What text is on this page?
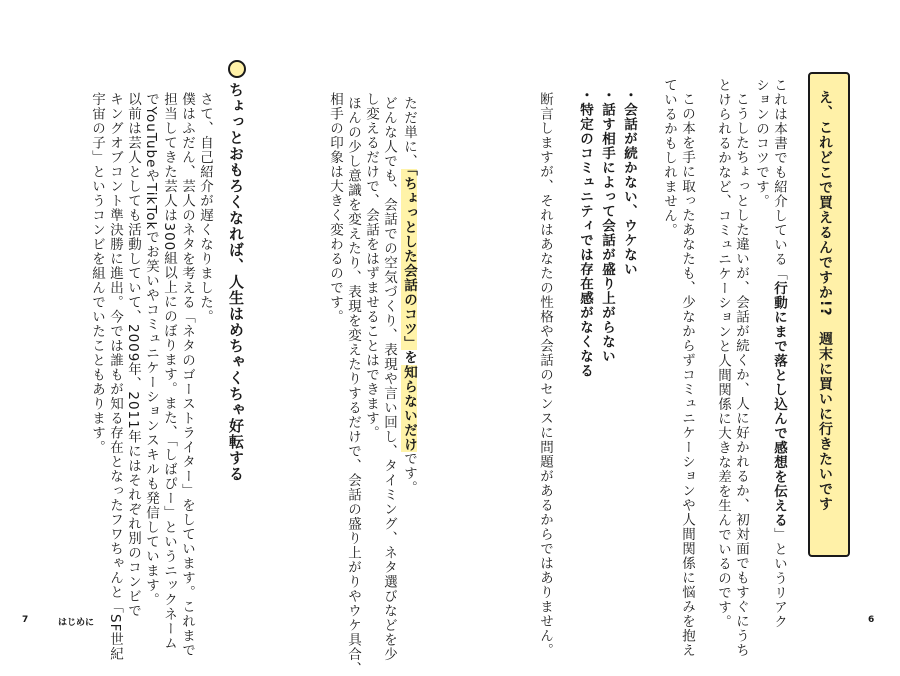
え、これどこで買えるんですか!?　週末に買いに行きたいです
これは本書でも紹介している「行動にまで落とし込んで感想を伝える」というリアク
ションのコツです。
こうしたちょっとした違いが、会話が続くか、人に好かれるか、初対面でもすぐにうち
とけられるかなど、コミュニケーションと人間関係に大きな差を生んでいるのです。
この本を手に取ったあなたも、少なからずコミュニケーションや人間関係に悩みを抱え
ているかもしれません。
・会話が続かない、ウケない
・話す相手によって会話が盛り上がらない
・特定のコミュニティでは存在感がなくなる
断言しますが、それはあなたの性格や会話のセンスに問題があるからではありません。
ただ単に、「ちょっとした会話のコツ」を知らないだけです。
どんな人でも、会話での空気づくり、表現や言い回し、タイミング、ネタ選びなどを少
し変えるだけで、会話をはずませることはできます。
ほんの少し意識を変えたり、表現を変えたりするだけで、会話の盛り上がりやウケ具合、
相手の印象は大きく変わるのです。
ちょっとおもろくなれば、人生はめちゃくちゃ好転する
さて、自己紹介が遅くなりました。
僕はふだん、芸人のネタを考える「ネタのゴーストライター」をしています。これまで
担当してきた芸人は300組以上にのぼります。また、「しばぴー」というニックネーム
でYouTubeやTikTokでお笑いやコミュニケーションスキルも発信しています。
以前は芸人としても活動していて、2009年、2011年にはそれぞれ別のコンビで
キングオブコント準決勝に進出。今では誰もが知る存在となったフワちゃんと「SF世紀
宇宙の子」というコンビを組んでいたこともあります。
7	はじめに	6
